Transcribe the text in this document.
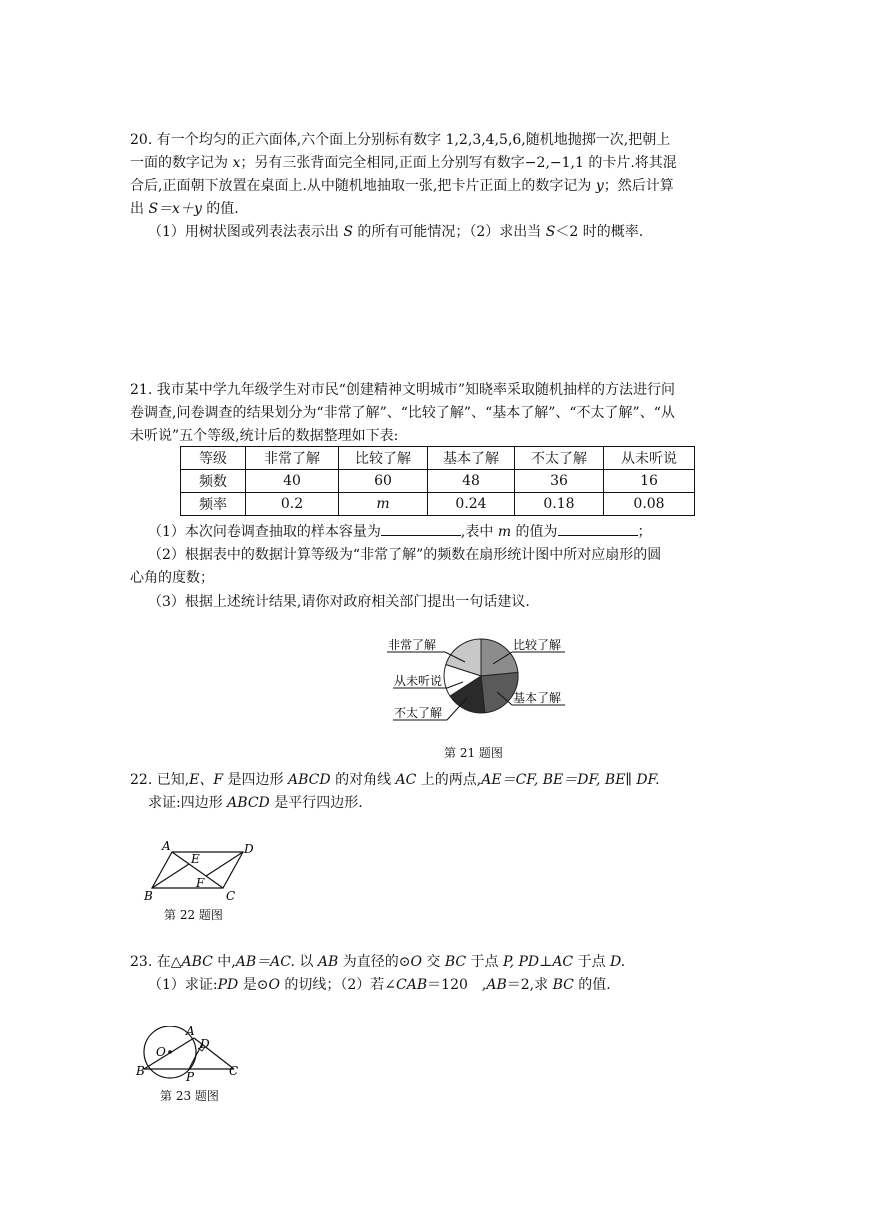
20. 有一个均匀的正六面体,六个面上分别标有数字 1,2,3,4,5,6,随机地抛掷一次,把朝上
一面的数字记为 x；另有三张背面完全相同,正面上分别写有数字−2,−1,1 的卡片.将其混
合后,正面朝下放置在桌面上.从中随机地抽取一张,把卡片正面上的数字记为 y；然后计算
出 S＝x＋y 的值.
（1）用树状图或列表法表示出 S 的所有可能情况；（2）求出当 S＜2 时的概率.
21. 我市某中学九年级学生对市民“创建精神文明城市”知晓率采取随机抽样的方法进行问
卷调查,问卷调查的结果划分为“非常了解”、“比较了解”、“基本了解”、“不太了解”、“从
未听说”五个等级,统计后的数据整理如下表:
等级	非常了解	比较了解	基本了解	不太了解	从未听说
频数	40	60	48	36	16
频率	0.2	m	0.24	0.18	0.08
（1）本次问卷调查抽取的样本容量为	,表中 m 的值为	；
（2）根据表中的数据计算等级为“非常了解”的频数在扇形统计图中所对应扇形的圆
心角的度数；
（3）根据上述统计结果,请你对政府相关部门提出一句话建议.
非常了解	比较了解
从未听说
基本了解
不太了解
第 21 题图
22. 已知,E、F 是四边形 ABCD 的对角线 AC 上的两点,AE＝CF, BE＝DF, BE∥ DF.
求证:四边形 ABCD 是平行四边形.
A	D
E
F
B	C
第 22 题图
23. 在△ABC 中,AB＝AC. 以 AB 为直径的⊙O 交 BC 于点 P, PD⊥AC 于点 D.
（1）求证:PD 是⊙O 的切线；（2）若∠CAB＝120　,AB＝2,求 BC 的值.
A
D
O
B	P	C
第 23 题图
